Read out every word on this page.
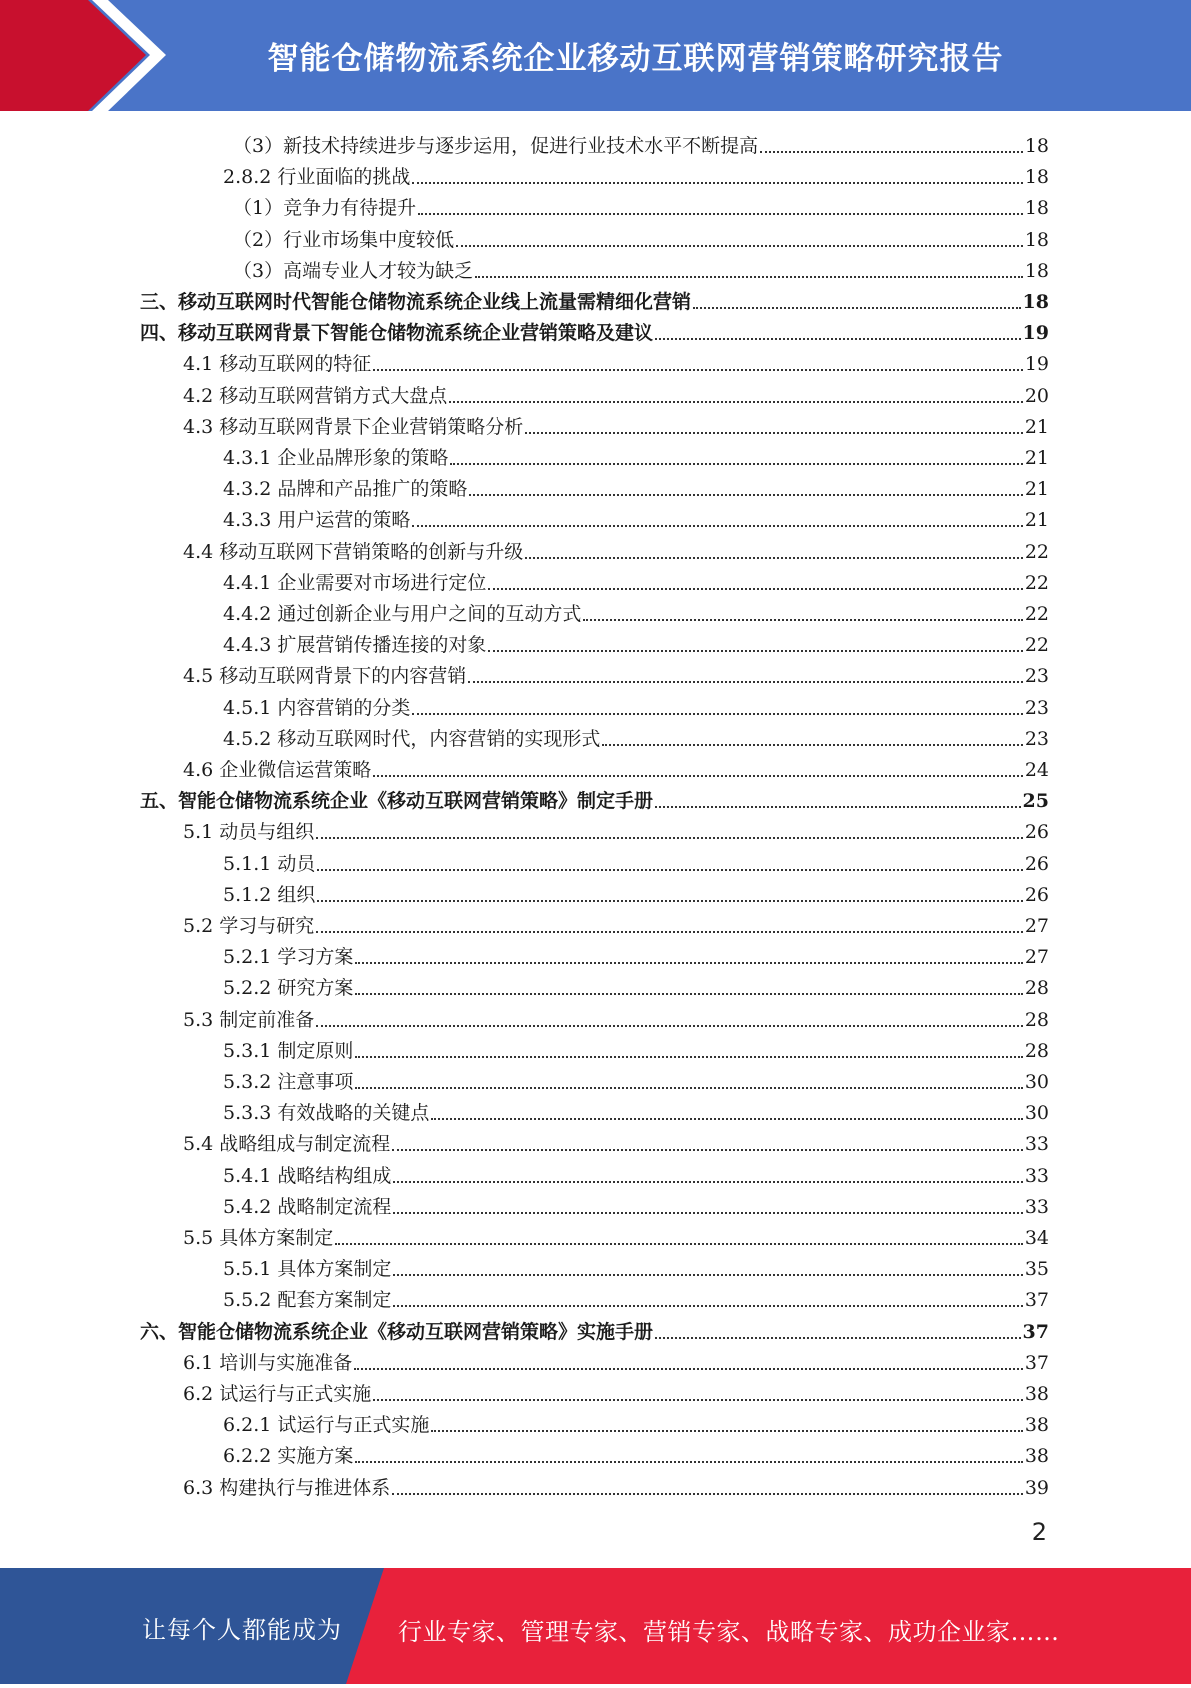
智能仓储物流系统企业移动互联网营销策略研究报告
（3）新技术持续进步与逐步运用，促进行业技术水平不断提高	18
2.8.2 行业面临的挑战	18
（1）竞争力有待提升	18
（2）行业市场集中度较低	18
（3）高端专业人才较为缺乏	18
三、移动互联网时代智能仓储物流系统企业线上流量需精细化营销	18
四、移动互联网背景下智能仓储物流系统企业营销策略及建议	19
4.1 移动互联网的特征	19
4.2 移动互联网营销方式大盘点	20
4.3 移动互联网背景下企业营销策略分析	21
4.3.1 企业品牌形象的策略	21
4.3.2 品牌和产品推广的策略	21
4.3.3 用户运营的策略	21
4.4 移动互联网下营销策略的创新与升级	22
4.4.1 企业需要对市场进行定位	22
4.4.2 通过创新企业与用户之间的互动方式	22
4.4.3 扩展营销传播连接的对象	22
4.5 移动互联网背景下的内容营销	23
4.5.1 内容营销的分类	23
4.5.2 移动互联网时代，内容营销的实现形式	23
4.6 企业微信运营策略	24
五、智能仓储物流系统企业《移动互联网营销策略》制定手册	25
5.1 动员与组织	26
5.1.1 动员	26
5.1.2 组织	26
5.2 学习与研究	27
5.2.1 学习方案	27
5.2.2 研究方案	28
5.3 制定前准备	28
5.3.1 制定原则	28
5.3.2 注意事项	30
5.3.3 有效战略的关键点	30
5.4 战略组成与制定流程	33
5.4.1 战略结构组成	33
5.4.2 战略制定流程	33
5.5 具体方案制定	34
5.5.1 具体方案制定	35
5.5.2 配套方案制定	37
六、智能仓储物流系统企业《移动互联网营销策略》实施手册	37
6.1 培训与实施准备	37
6.2 试运行与正式实施	38
6.2.1 试运行与正式实施	38
6.2.2 实施方案	38
6.3 构建执行与推进体系	39
2
让每个人都能成为 行业专家、管理专家、营销专家、战略专家、成功企业家……
